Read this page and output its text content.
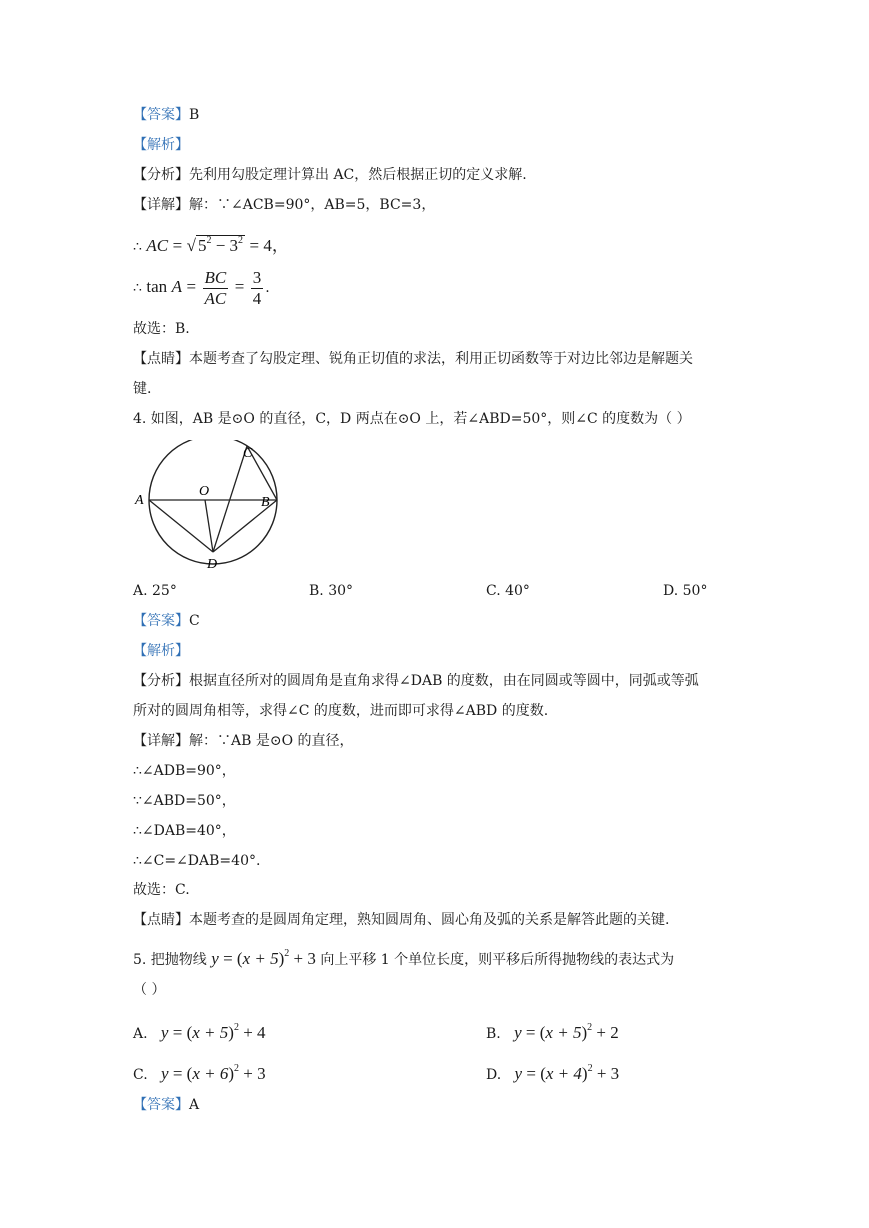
【答案】B
【解析】
【分析】先利用勾股定理计算出 AC，然后根据正切的定义求解.
【详解】解：∵∠ACB=90°，AB=5，BC=3，
∴ AC = √ $5^2 - 3^2 = 4$，
∴ $\tan A = \frac{BC}{AC} = \frac{3}{4}$ .
故选：B.
【点睛】本题考查了勾股定理、锐角正切值的求法，利用正切函数等于对边比邻边是解题关
键.
4. 如图，AB 是⊙O 的直径，C，D 两点在⊙O 上，若∠ABD=50°，则∠C 的度数为（ ）
A	B
C
D
O
A. 25°	B. 30°	C. 40°	D. 50°
【答案】C
【解析】
【分析】根据直径所对的圆周角是直角求得∠DAB 的度数，由在同圆或等圆中，同弧或等弧
所对的圆周角相等，求得∠C 的度数，进而即可求得∠ABD 的度数.
【详解】解：∵AB 是⊙O 的直径，
∴∠ADB=90°，
∵∠ABD=50°，
∴∠DAB=40°，
∴∠C=∠DAB=40°.
故选：C.
【点睛】本题考查的是圆周角定理，熟知圆周角、圆心角及弧的关系是解答此题的关键.
5. 把抛物线 $y = (x + 5)^2 + 3$ 向上平移 1 个单位长度，则平移后所得抛物线的表达式为
（ ）
A. $y = (x + 5)^2 + 4$	B. $y = (x + 5)^2 + 2$
C. $y = (x + 6)^2 + 3$	D. $y = (x + 4)^2 + 3$
【答案】A
